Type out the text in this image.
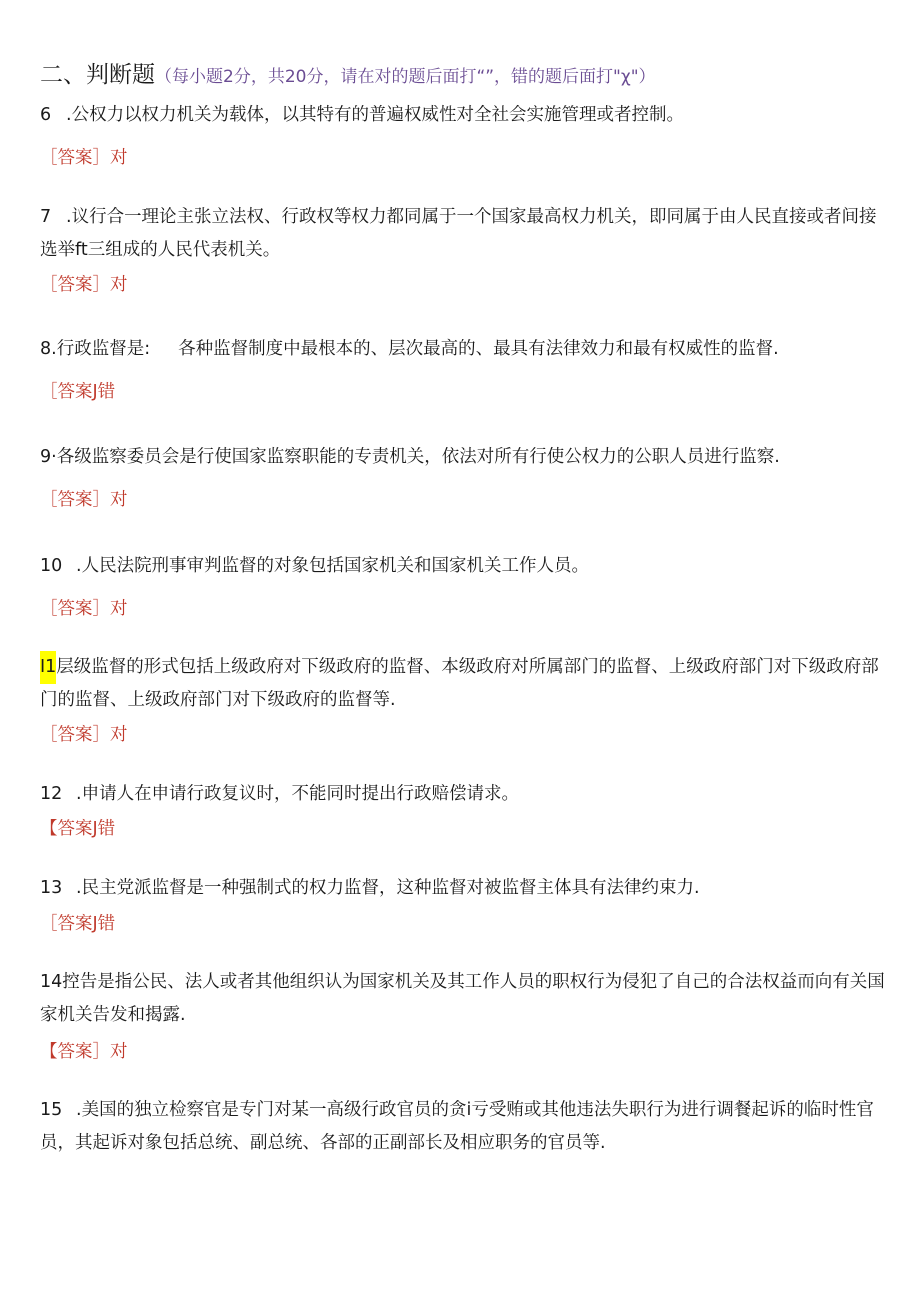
二、判断题（每小题2分，共20分，请在对的题后面打“”，错的题后面打"χ"）
6 .公权力以权力机关为载体，以其特有的普遍权威性对全社会实施管理或者控制。
［答案］对
7 .议行合一理论主张立法权、行政权等权力都同属于一个国家最高权力机关，即同属于由人民直接或者间接选举ft三组成的人民代表机关。
［答案］对
8.行政监督是: 各种监督制度中最根本的、层次最高的、最具有法律效力和最有权威性的监督.
［答案J错
9·各级监察委员会是行使国家监察职能的专责机关，依法对所有行使公权力的公职人员进行监察.
［答案］对
10 .人民法院刑事审判监督的对象包括国家机关和国家机关工作人员。
［答案］对
I1层级监督的形式包括上级政府对下级政府的监督、本级政府对所属部门的监督、上级政府部门对下级政府部门的监督、上级政府部门对下级政府的监督等.
［答案］对
12 .申请人在申请行政复议时，不能同时提出行政赔偿请求。
【答案J错
13 .民主党派监督是一种强制式的权力监督，这种监督对被监督主体具有法律约束力.
［答案J错
14控告是指公民、法人或者其他组织认为国家机关及其工作人员的职权行为侵犯了自己的合法权益而向有关国家机关告发和揭露.
【答案］对
15 .美国的独立检察官是专门对某一高级行政官员的贪i亏受贿或其他违法失职行为进行调餐起诉的临时性官员，其起诉对象包括总统、副总统、各部的正副部长及相应职务的官员等.
